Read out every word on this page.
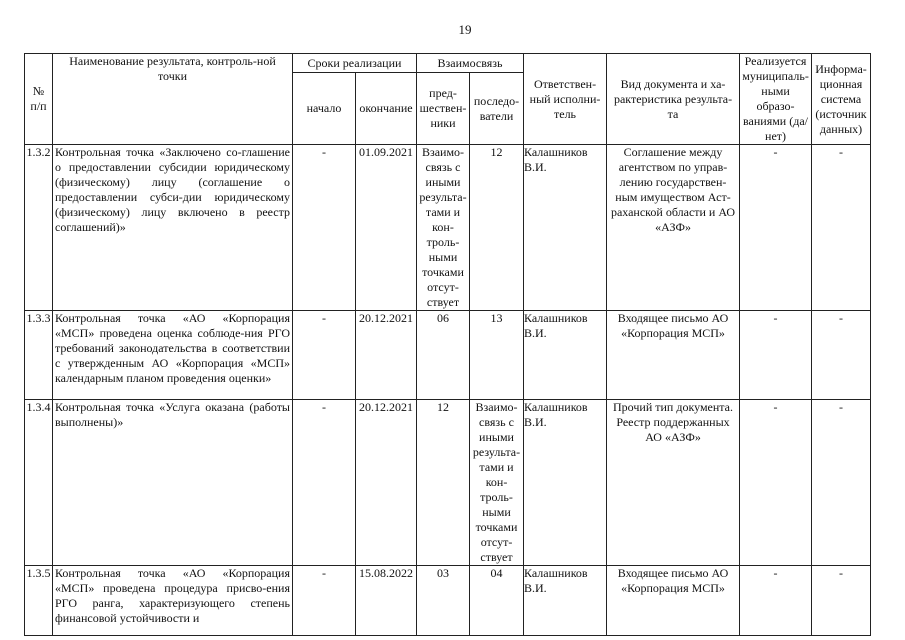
19
№ п/п	Наименование результата, контроль-ной точки	Сроки реализации		Взаимосвязь		Ответствен-ный исполни-тель	Вид документа и ха-рактеристика результа-та	Реализуется муниципаль-ными образо-ваниями (да/нет)	Информа-ционная система (источник данных)
		начало	окончание	пред-шествен-ники	последо-ватели				
1.3.2	Контрольная точка «Заключено со-глашение о предоставлении субсидии юридическому (физическому) лицу (соглашение о предоставлении субси-дии юридическому (физическому) лицу включено в реестр соглашений)»	-	01.09.2021	Взаимо-связь с иными результа-тами и кон-троль-ными точками отсут-ствует	12	Калашников В.И.	Соглашение между агентством по управ-лению государствен-ным имуществом Аст-раханской области и АО «АЗФ»	-	-
1.3.3	Контрольная точка «АО «Корпорация «МСП» проведена оценка соблюде-ния РГО требований законодательства в соответствии с утвержденным АО «Корпорация «МСП» календарным планом проведения оценки»	-	20.12.2021	06	13	Калашников В.И.	Входящее письмо АО «Корпорация МСП»	-	-
1.3.4	Контрольная точка «Услуга оказана (работы выполнены)»	-	20.12.2021	12	Взаимо-связь с иными результа-тами и кон-троль-ными точками отсут-ствует	Калашников В.И.	Прочий тип документа. Реестр поддержанных АО «АЗФ»	-	-
1.3.5	Контрольная точка «АО «Корпорация «МСП» проведена процедура присво-ения РГО ранга, характеризующего степень финансовой устойчивости и	-	15.08.2022	03	04	Калашников В.И.	Входящее письмо АО «Корпорация МСП»	-	-
